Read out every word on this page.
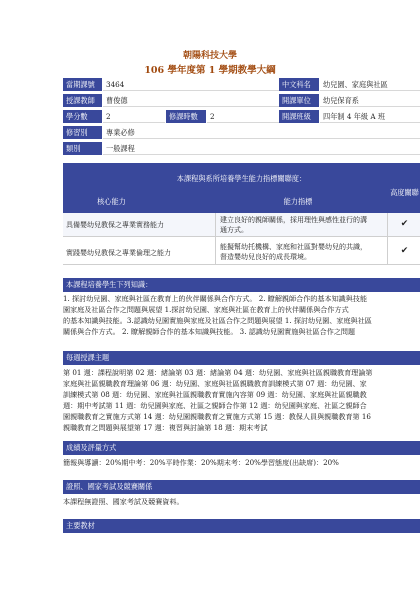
朝陽科技大學
106 學年度第 1 學期教學大綱
當期課號	3464	中文科名	幼兒園、家庭與社區
授課教師	曹俊德	開課單位	幼兒保育系
學分數	2	修課時數	2	開課班級	四年制 4 年級 A 班
修習別	專業必修
類別	一般課程
本課程與系所培養學生能力指標關聯度：
核心能力	能力指標
高度關聯
具備嬰幼兒教保之專業實務能力
建立良好的親師關係，採用理性與感性並行的溝通方式。
✔
實踐嬰幼兒教保之專業倫理之能力
能擬幫幼托機構、家庭和社區對嬰幼兒的共識，督造嬰幼兒良好的成長環境。
✔
本課程培養學生下列知識：
1. 探討幼兒園、家庭與社區在教育上的伙伴關係與合作方式。 2. 瞭解親師合作的基本知識與技能
園家庭及社區合作之問題與展望 1.探討幼兒園、家庭與社區在教育上的伙伴關係與合作方式
的基本知識與技能。3.認識幼兒園實施與家庭及社區合作之問題與展望 1. 探討幼兒園、家庭與社區
關係與合作方式。 2. 瞭解親師合作的基本知識與技能。 3. 認識幼兒園實施與社區合作之問題
每週授課主題
第 01 週：課程說明第 02 週：緒論第 03 週：緒論第 04 週：幼兒園、家庭與社區親職教育理論第
家庭與社區親職教育理論第 06 週：幼兒園、家庭與社區親職教育訓練模式第 07 週：幼兒園、家
訓練模式第 08 週：幼兒園、家庭與社區親職教育實施內容第 09 週：幼兒園、家庭與社區親職教
週：期中考試第 11 週：幼兒園與家庭、社區之親師合作第 12 週：幼兒園與家庭、社區之親師合
園親職教育之實施方式第 14 週：幼兒園親職教育之實施方式第 15 週：教保人員與親職教育第 16
親職教育之問題與展望第 17 週：複習與討論第 18 週：期末考試
成績及評量方式
簡報與導讀：20%期中考：20%平時作業：20%期末考：20%學習態度(出缺席)：20%
證照、國家考試及競賽關係
本課程無證照、國家考試及競賽資料。
主要教材
